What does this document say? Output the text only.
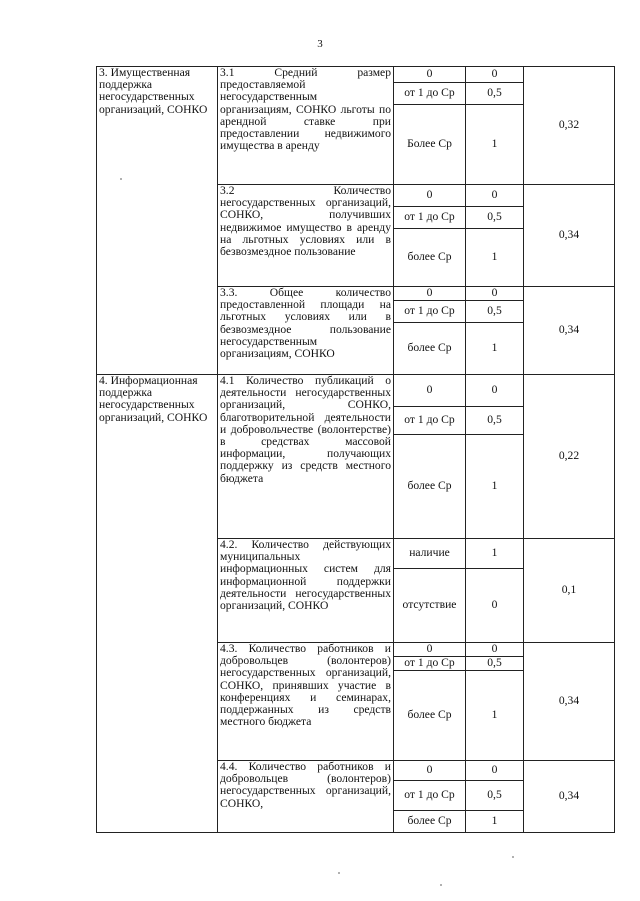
3
3. Имущественная поддержка негосударственных организаций, СОНКО	3.1 Средний размер предоставляемой негосударственным организациям, СОНКО льготы по арендной ставке при предоставлении недвижимого имущества в аренду	0	0	0,32
		от 1 до Ср	0,5	
		Более Ср	1	
	3.2 Количество негосударственных организаций, СОНКО, получивших недвижимое имущество в аренду на льготных условиях или в безвозмездное пользование	0	0	0,34
		от 1 до Ср	0,5	
		более Ср	1	
	3.3. Общее количество предоставленной площади на льготных условиях или в безвозмездное пользование негосударственным организациям, СОНКО	0	0	0,34
		от 1 до Ср	0,5	
		более Ср	1	
4. Информационная поддержка негосударственных организаций, СОНКО	4.1 Количество публикаций о деятельности негосударственных организаций, СОНКО, благотворительной деятельности и добровольчестве (волонтерстве) в средствах массовой информации, получающих поддержку из средств местного бюджета	0	0	0,22
		от 1 до Ср	0,5	
		более Ср	1	
	4.2. Количество действующих муниципальных информационных систем для информационной поддержки деятельности негосударственных организаций, СОНКО	наличие	1	0,1
		отсутствие	0	
	4.3. Количество работников и добровольцев (волонтеров) негосударственных организаций, СОНКО, принявших участие в конференциях и семинарах, поддержанных из средств местного бюджета	0	0	0,34
		от 1 до Ср	0,5	
		более Ср	1	
	4.4. Количество работников и добровольцев (волонтеров) негосударственных организаций, СОНКО,	0	0	0,34
		от 1 до Ср	0,5	
		более Ср	1	
